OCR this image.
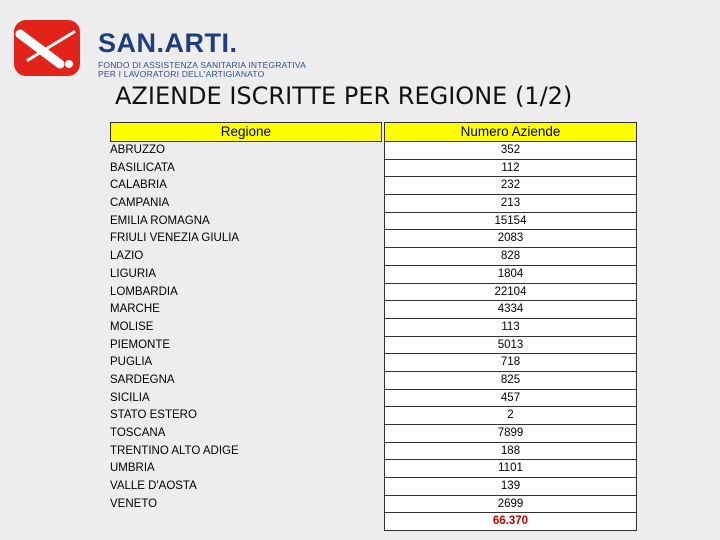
SAN.ARTI.
FONDO DI ASSISTENZA SANITARIA INTEGRATIVA
PER I LAVORATORI DELL'ARTIGIANATO
AZIENDE ISCRITTE PER REGIONE (1/2)
Regione
ABRUZZO
BASILICATA
CALABRIA
CAMPANIA
EMILIA ROMAGNA
FRIULI VENEZIA GIULIA
LAZIO
LIGURIA
LOMBARDIA
MARCHE
MOLISE
PIEMONTE
PUGLIA
SARDEGNA
SICILIA
STATO ESTERO
TOSCANA
TRENTINO ALTO ADIGE
UMBRIA
VALLE D'AOSTA
VENETO
Numero Aziende
352
112
232
213
15154
2083
828
1804
22104
4334
113
5013
718
825
457
2
7899
188
1101
139
2699
66.370
